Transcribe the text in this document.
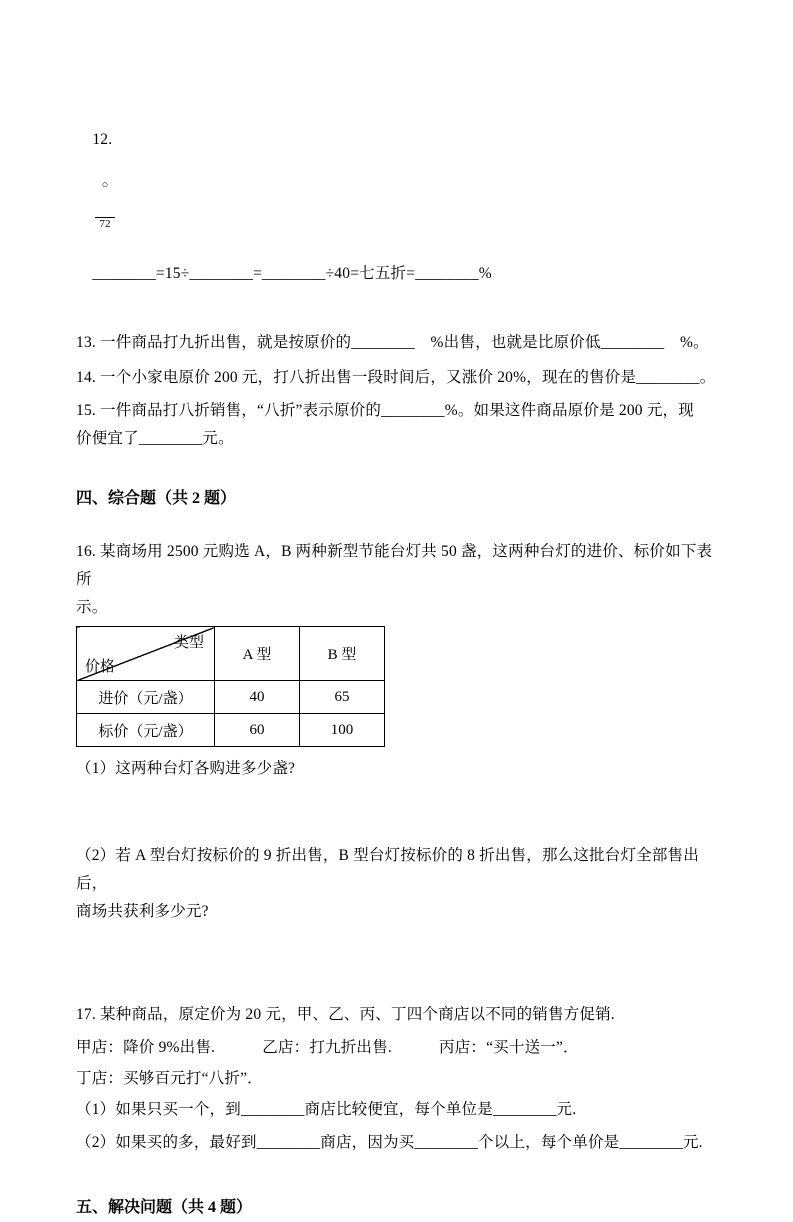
12.

$\frac{○}{72}$

________=15÷________=________÷40=七五折=________%

13. 一件商品打九折出售，就是按原价的________　%出售，也就是比原价低________　%。
14. 一个小家电原价 200 元，打八折出售一段时间后，又涨价 20%，现在的售价是________。
15. 一件商品打八折销售，“八折”表示原价的________%。如果这件商品原价是 200 元，现
价便宜了________元。
四、综合题（共 2 题）
16. 某商场用 2500 元购选 A，B 两种新型节能台灯共 50 盏，这两种台灯的进价、标价如下表所
示。
类型
价格	A 型	B 型
进价（元/盏）	40	65
标价（元/盏）	60	100
（1）这两种台灯各购进多少盏?
（2）若 A 型台灯按标价的 9 折出售，B 型台灯按标价的 8 折出售，那么这批台灯全部售出后，
商场共获利多少元?
17. 某种商品，原定价为 20 元，甲、乙、丙、丁四个商店以不同的销售方促销.
甲店：降价 9%出售.　　　乙店：打九折出售.　　　丙店：“买十送一”．
丁店：买够百元打“八折”．
（1）如果只买一个，到________商店比较便宜，每个单位是________元.
（2）如果买的多，最好到________商店，因为买________个以上，每个单价是________元.
五、解决问题（共 4 题）
